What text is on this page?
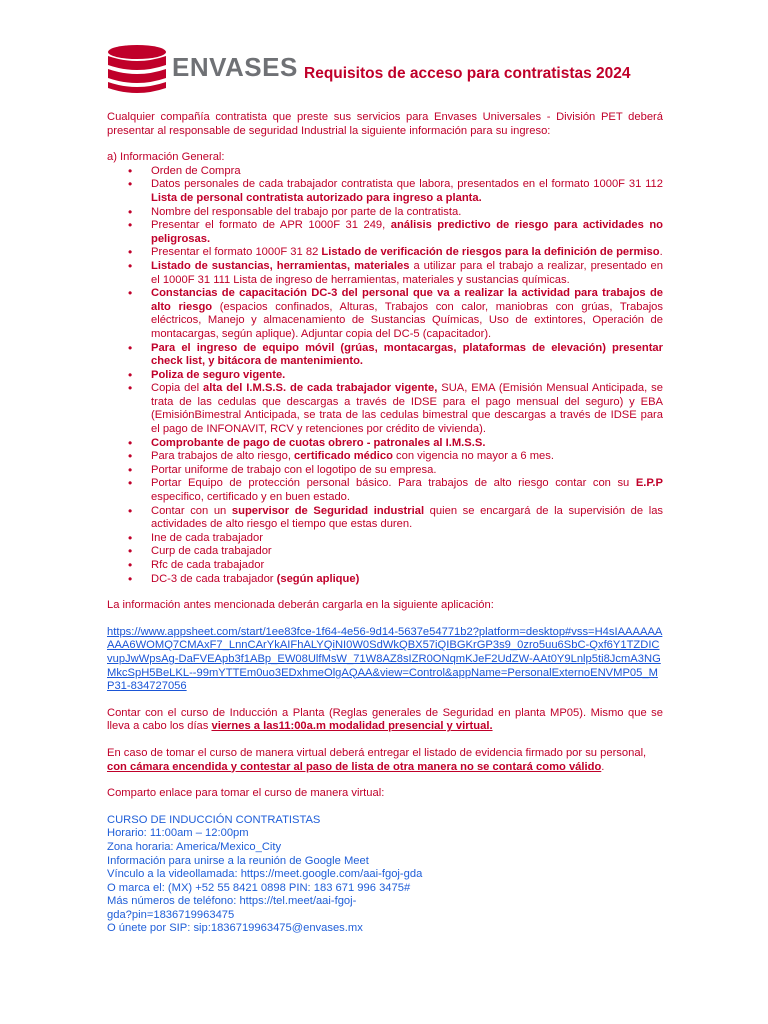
ENVASES Requisitos de acceso para contratistas 2024

Cualquier compañía contratista que preste sus servicios para Envases Universales - División PET deberá presentar al responsable de seguridad Industrial la siguiente información para su ingreso:

a) Información General:

• Orden de Compra
• Datos personales de cada trabajador contratista que labora, presentados en el formato 1000F 31 112 Lista de personal contratista autorizado para ingreso a planta.
• Nombre del responsable del trabajo por parte de la contratista.
• Presentar el formato de APR 1000F 31 249, análisis predictivo de riesgo para actividades no peligrosas.
• Presentar el formato 1000F 31 82 Listado de verificación de riesgos para la definición de permiso.
• Listado de sustancias, herramientas, materiales a utilizar para el trabajo a realizar, presentado en el 1000F 31 111 Lista de ingreso de herramientas, materiales y sustancias químicas.
• Constancias de capacitación DC-3 del personal que va a realizar la actividad para trabajos de alto riesgo (espacios confinados, Alturas, Trabajos con calor, maniobras con grúas, Trabajos eléctricos, Manejo y almacenamiento de Sustancias Químicas, Uso de extintores, Operación de montacargas, según aplique). Adjuntar copia del DC-5 (capacitador).
• Para el ingreso de equipo móvil (grúas, montacargas, plataformas de elevación) presentar check list, y bitácora de mantenimiento.
• Poliza de seguro vigente.
• Copia del alta del I.M.S.S. de cada trabajador vigente, SUA, EMA (Emisión Mensual Anticipada, se trata de las cedulas que descargas a través de IDSE para el pago mensual del seguro) y EBA (EmisiónBimestral Anticipada, se trata de las cedulas bimestral que descargas a través de IDSE para el pago de INFONAVIT, RCV y retenciones por crédito de vivienda).
• Comprobante de pago de cuotas obrero - patronales al I.M.S.S.
• Para trabajos de alto riesgo, certificado médico con vigencia no mayor a 6 mes.
• Portar uniforme de trabajo con el logotipo de su empresa.
• Portar Equipo de protección personal básico. Para trabajos de alto riesgo contar con su E.P.P especifico, certificado y en buen estado.
• Contar con un supervisor de Seguridad industrial quien se encargará de la supervisión de las actividades de alto riesgo el tiempo que estas duren.
• Ine de cada trabajador
• Curp de cada trabajador
• Rfc de cada trabajador
• DC-3 de cada trabajador (según aplique)

La información antes mencionada deberán cargarla en la siguiente aplicación:

https://www.appsheet.com/start/1ee83fce-1f64-4e56-9d14-5637e54771b2?platform=desktop#vss=H4sIAAAAAAAAA6WOMQ7CMAxF7_LnnCArYkAIFhALYQiNI0W0SdWkQBX57iQIBGKrGP3s9_0zro5uu6SbC-Qxf6Y1TZDICvupJwWpsAg-DaFVEApb3f1ABp_EW08UlfMsW_71W8AZ8sIZR0ONqmKJeF2UdZW-AAt0Y9Lnlp5ti8JcmA3NGMkcSpH5BeLKL--99mYTTEm0uo3EDxhmeOlgAQAA&view=Control&appName=PersonalExternoENVMP05_MP31-834727056

Contar con el curso de Inducción a Planta (Reglas generales de Seguridad en planta MP05). Mismo que se lleva a cabo los días viernes a las11:00a.m modalidad presencial y virtual.

En caso de tomar el curso de manera virtual deberá entregar el listado de evidencia firmado por su personal, con cámara encendida y contestar al paso de lista de otra manera no se contará como válido.

Comparto enlace para tomar el curso de manera virtual:

CURSO DE INDUCCIÓN CONTRATISTAS
Horario: 11:00am – 12:00pm
Zona horaria: America/Mexico_City
Información para unirse a la reunión de Google Meet
Vínculo a la videollamada: https://meet.google.com/aai-fgoj-gda
O marca el: (MX) +52 55 8421 0898 PIN: 183 671 996 3475#
Más números de teléfono: https://tel.meet/aai-fgoj-
gda?pin=1836719963475
O únete por SIP: sip:1836719963475@envases.mx
